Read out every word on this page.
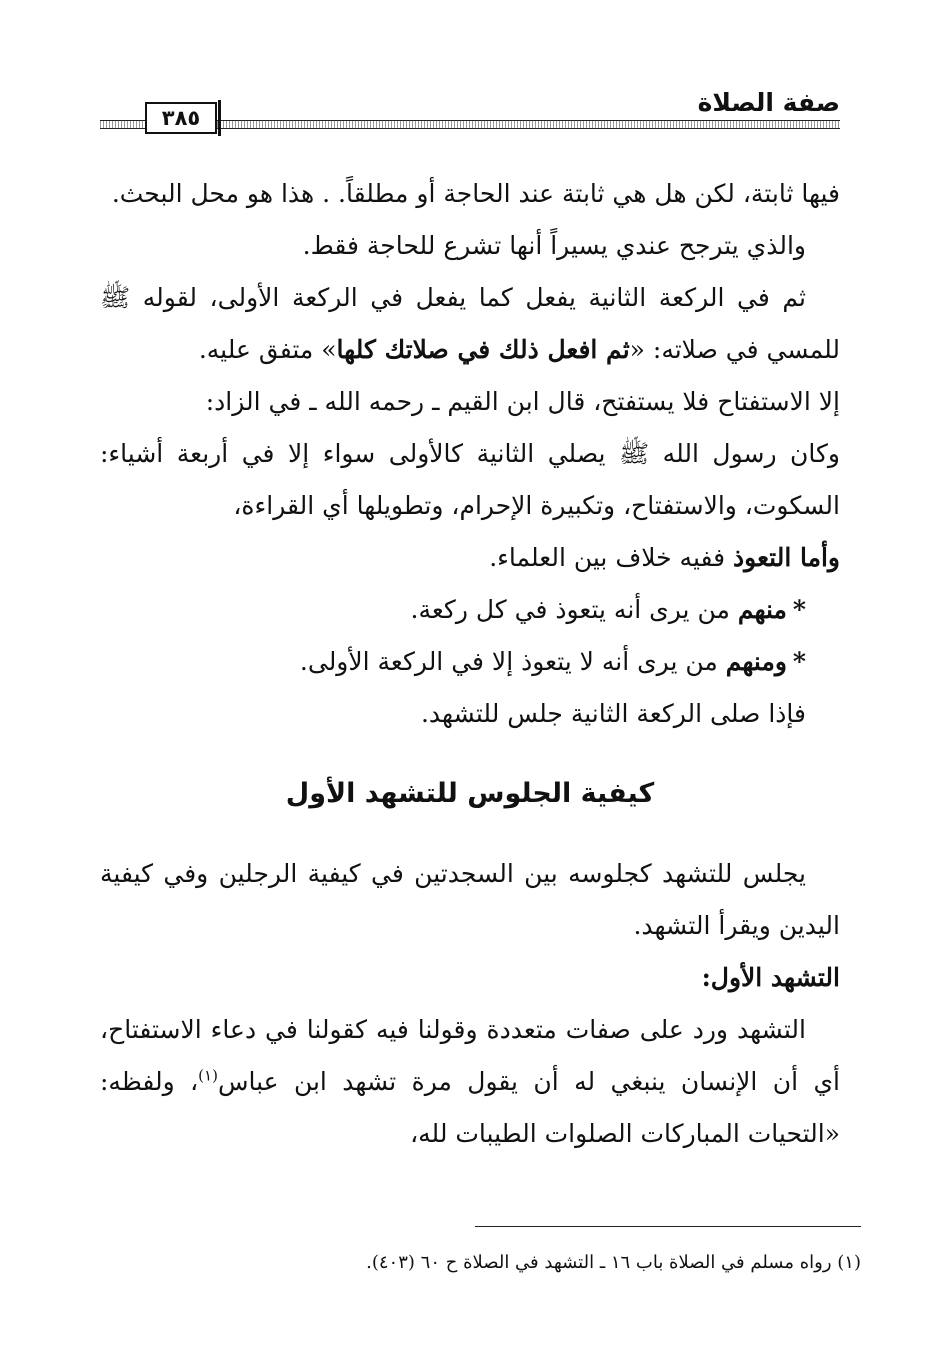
صفة الصلاة
٣٨٥

فيها ثابتة، لكن هل هي ثابتة عند الحاجة أو مطلقاً. . هذا هو محل البحث.

والذي يترجح عندي يسيراً أنها تشرع للحاجة فقط.

ثم في الركعة الثانية يفعل كما يفعل في الركعة الأولى، لقوله ﷺ للمسي في صلاته: «ثم افعل ذلك في صلاتك كلها» متفق عليه.

إلا الاستفتاح فلا يستفتح، قال ابن القيم ـ رحمه الله ـ في الزاد:

وكان رسول الله ﷺ يصلي الثانية كالأولى سواء إلا في أربعة أشياء: السكوت، والاستفتاح، وتكبيرة الإحرام، وتطويلها أي القراءة،

وأما التعوذ ففيه خلاف بين العلماء.

*منهم من يرى أنه يتعوذ في كل ركعة.

*ومنهم من يرى أنه لا يتعوذ إلا في الركعة الأولى.

فإذا صلى الركعة الثانية جلس للتشهد.

كيفية الجلوس للتشهد الأول

يجلس للتشهد كجلوسه بين السجدتين في كيفية الرجلين وفي كيفية اليدين ويقرأ التشهد.

التشهد الأول:

التشهد ورد على صفات متعددة وقولنا فيه كقولنا في دعاء الاستفتاح، أي أن الإنسان ينبغي له أن يقول مرة تشهد ابن عباس$^{(١)}$، ولفظه: «التحيات المباركات الصلوات الطيبات لله،

(١) رواه مسلم في الصلاة باب ١٦ ـ التشهد في الصلاة ح ٦٠ (٤٠٣).
